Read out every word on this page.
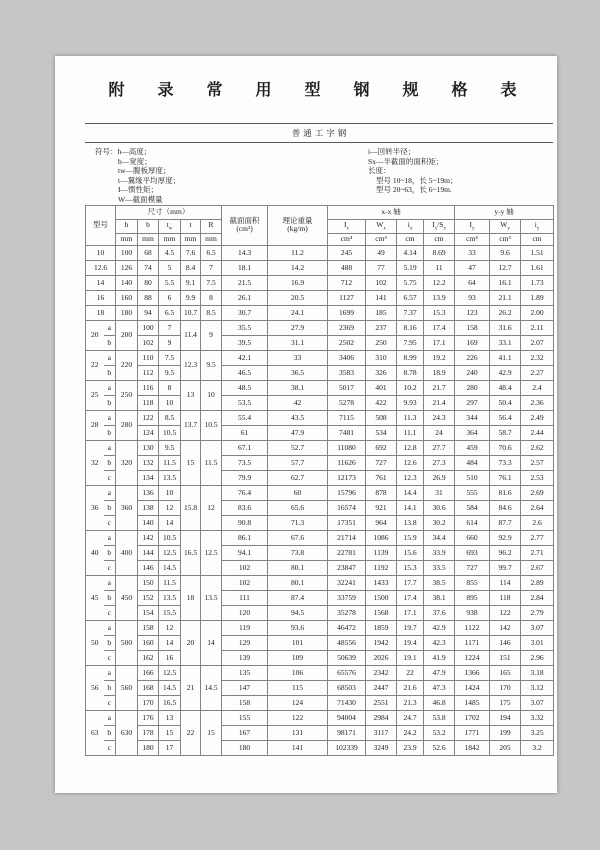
附录常用型钢规格表
普通工字钢
符号：h—高度；
b—宽度；
tw—腹板厚度；
t—翼缘平均厚度；
I—惯性矩；
W—截面模量
i—回转半径；
Sx—半截面的面积矩；
长度：
型号 10~18，长 5~19m；
型号 20~63，长 6~19m.
型号	尺寸（mm）	
截面面积
(cm²)

理论重量
(kg/m)
	x-x 轴	y-y 轴
		h	b	$t_w$	t	R			$I_x$	$W_x$	$i_x$	$I_x/S_x$	$I_y$	$W_y$	$i_y$
		mm	mm	mm	mm	mm			cm⁴	cm³	cm	cm	cm⁴	cm³	cm
10		100	68	4.5	7.6	6.5	14.3	11.2	245	49	4.14	8.69	33	9.6	1.51
12.6		126	74	5	8.4	7	18.1	14.2	488	77	5.19	11	47	12.7	1.61
14		140	80	5.5	9.1	7.5	21.5	16.9	712	102	5.75	12.2	64	16.1	1.73
16		160	88	6	9.9	8	26.1	20.5	1127	141	6.57	13.9	93	21.1	1.89
18		180	94	6.5	10.7	8.5	30.7	24.1	1699	185	7.37	15.3	123	26.2	2.00
20	a	200	100	7	11.4	9	35.5	27.9	2369	237	8.16	17.4	158	31.6	2.11
	b		102	9			39.5	31.1	2502	250	7.95	17.1	169	33.1	2.07
22	a	220	110	7.5	12.3	9.5	42.1	33	3406	310	8.99	19.2	226	41.1	2.32
	b		112	9.5			46.5	36.5	3583	326	8.78	18.9	240	42.9	2.27
25	a	250	116	8	13	10	48.5	38.1	5017	401	10.2	21.7	280	48.4	2.4
	b		118	10			53.5	42	5278	422	9.93	21.4	297	50.4	2.36
28	a	280	122	8.5	13.7	10.5	55.4	43.5	7115	508	11.3	24.3	344	56.4	2.49
	b		124	10.5			61	47.9	7481	534	11.1	24	364	58.7	2.44
32	a	320	130	9.5	15	11.5	67.1	52.7	11080	692	12.8	27.7	459	70.6	2.62
	b		132	11.5			73.5	57.7	11626	727	12.6	27.3	484	73.3	2.57
	c		134	13.5			79.9	62.7	12173	761	12.3	26.9	510	76.1	2.53
36	a	360	136	10	15.8	12	76.4	60	15796	878	14.4	31	555	81.6	2.69
	b		138	12			83.6	65.6	16574	921	14.1	30.6	584	84.6	2.64
	c		140	14			90.8	71.3	17351	964	13.8	30.2	614	87.7	2.6
40	a	400	142	10.5	16.5	12.5	86.1	67.6	21714	1086	15.9	34.4	660	92.9	2.77
	b		144	12.5			94.1	73.8	22781	1139	15.6	33.9	693	96.2	2.71
	c		146	14.5			102	80.1	23847	1192	15.3	33.5	727	99.7	2.67
45	a	450	150	11.5	18	13.5	102	80.1	32241	1433	17.7	38.5	855	114	2.89
	b		152	13.5			111	87.4	33759	1500	17.4	38.1	895	118	2.84
	c		154	15.5			120	94.5	35278	1568	17.1	37.6	938	122	2.79
50	a	500	158	12	20	14	119	93.6	46472	1859	19.7	42.9	1122	142	3.07
	b		160	14			129	101	48556	1942	19.4	42.3	1171	146	3.01
	c		162	16			139	109	50639	2026	19.1	41.9	1224	151	2.96
56	a	560	166	12.5	21	14.5	135	106	65576	2342	22	47.9	1366	165	3.18
	b		168	14.5			147	115	68503	2447	21.6	47.3	1424	170	3.12
	c		170	16.5			158	124	71430	2551	21.3	46.8	1485	175	3.07
63	a	630	176	13	22	15	155	122	94004	2984	24.7	53.8	1702	194	3.32
	b		178	15			167	131	98171	3117	24.2	53.2	1771	199	3.25
	c		180	17			180	141	102339	3249	23.9	52.6	1842	205	3.2
